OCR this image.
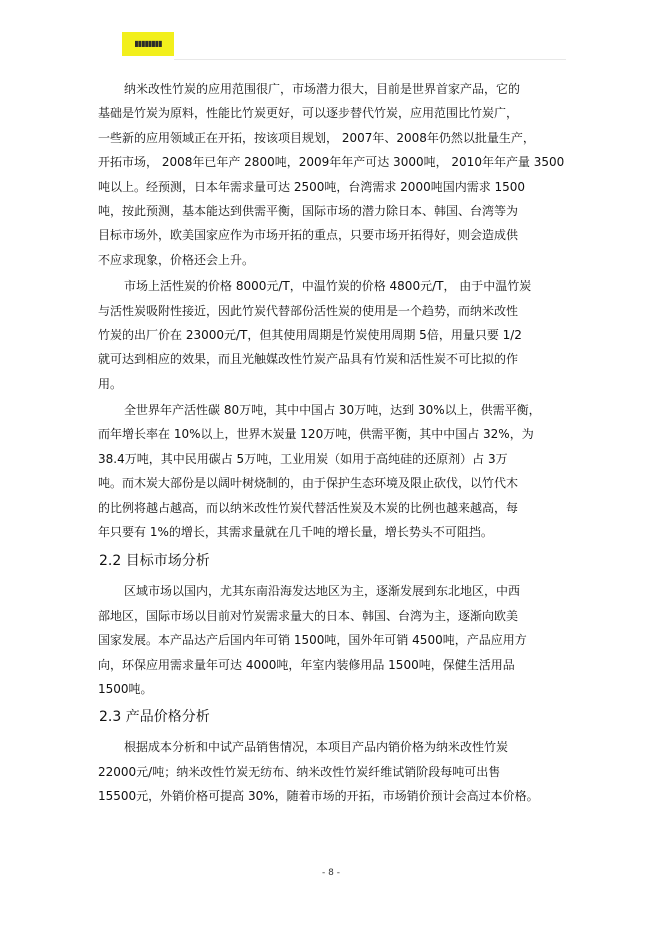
▮▮▮▮▮▮▮▮
纳米改性竹炭的应用范围很广，市场潜力很大，目前是世界首家产品，它的
基础是竹炭为原料，性能比竹炭更好，可以逐步替代竹炭，应用范围比竹炭广，
一些新的应用领域正在开拓，按该项目规划， 2007年、2008年仍然以批量生产，
开拓市场， 2008年已年产 2800吨，2009年年产可达 3000吨， 2010年年产量 3500
吨以上。经预测，日本年需求量可达 2500吨，台湾需求 2000吨国内需求 1500
吨，按此预测，基本能达到供需平衡，国际市场的潜力除日本、韩国、台湾等为
目标市场外，欧美国家应作为市场开拓的重点，只要市场开拓得好，则会造成供
不应求现象，价格还会上升。
市场上活性炭的价格 8000元/T，中温竹炭的价格 4800元/T， 由于中温竹炭
与活性炭吸附性接近，因此竹炭代替部份活性炭的使用是一个趋势，而纳米改性
竹炭的出厂价在 23000元/T，但其使用周期是竹炭使用周期 5倍，用量只要 1/2
就可达到相应的效果，而且光触媒改性竹炭产品具有竹炭和活性炭不可比拟的作
用。
全世界年产活性碳 80万吨，其中中国占 30万吨，达到 30%以上，供需平衡，
而年增长率在 10%以上，世界木炭量 120万吨，供需平衡，其中中国占 32%，为
38.4万吨，其中民用碳占 5万吨，工业用炭（如用于高纯硅的还原剂）占 3万
吨。而木炭大部份是以阔叶树烧制的，由于保护生态环境及限止砍伐，以竹代木
的比例将越占越高，而以纳米改性竹炭代替活性炭及木炭的比例也越来越高，每
年只要有 1%的增长，其需求量就在几千吨的增长量，增长势头不可阻挡。
2.2 目标市场分析
区域市场以国内，尤其东南沿海发达地区为主，逐渐发展到东北地区，中西
部地区，国际市场以目前对竹炭需求量大的日本、韩国、台湾为主，逐渐向欧美
国家发展。本产品达产后国内年可销 1500吨，国外年可销 4500吨，产品应用方
向，环保应用需求量年可达 4000吨，年室内装修用品 1500吨，保健生活用品
1500吨。
2.3 产品价格分析
根据成本分析和中试产品销售情况，本项目产品内销价格为纳米改性竹炭
22000元/吨；纳米改性竹炭无纺布、纳米改性竹炭纤维试销阶段每吨可出售
15500元，外销价格可提高 30%，随着市场的开拓，市场销价预计会高过本价格。
- 8 -
